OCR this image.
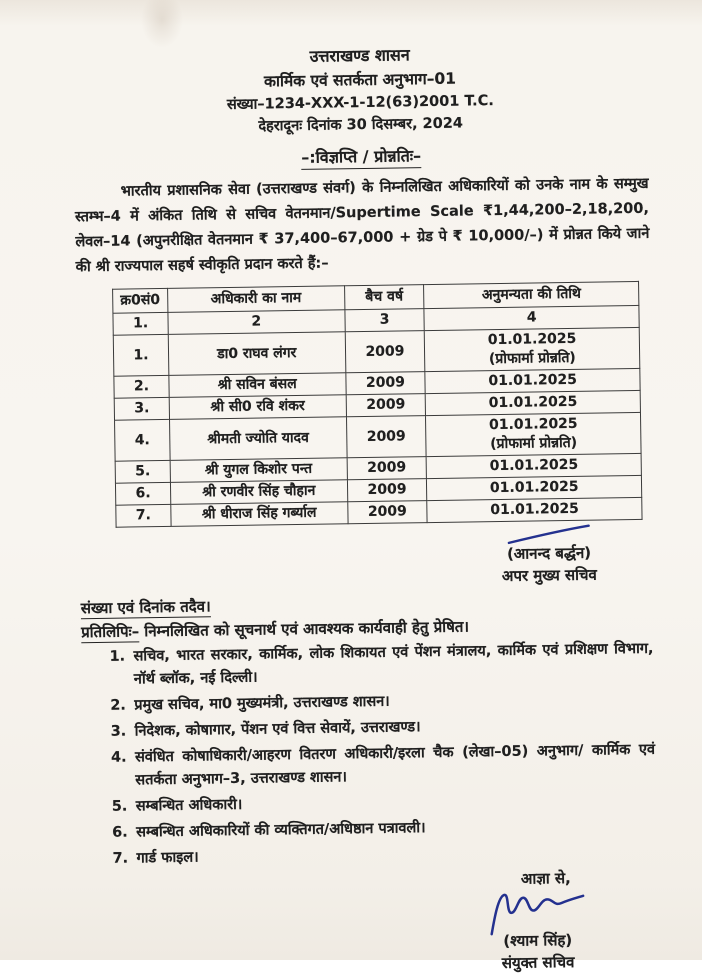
उत्तराखण्ड शासन
कार्मिक एवं सतर्कता अनुभाग–01
संख्या–1234-XXX-1-12(63)2001 T.C.
देहरादूनः दिनांक 30 दिसम्बर, 2024
–:विज्ञप्ति / प्रोन्नतिः–
भारतीय प्रशासनिक सेवा (उत्तराखण्ड संवर्ग) के निम्नलिखित अधिकारियों को उनके नाम के सम्मुख स्तम्भ–4 में अंकित तिथि से सचिव वेतनमान/Supertime Scale ₹1,44,200–2,18,200, लेवल–14 (अपुनरीक्षित वेतनमान ₹ 37,400–67,000 + ग्रेड पे ₹ 10,000/–) में प्रोन्नत किये जाने की श्री राज्यपाल सहर्ष स्वीकृति प्रदान करते हैं:–
क्र0सं0	अधिकारी का नाम	बैच वर्ष	अनुमन्यता की तिथि
1.	2	3	4
1.	डा0 राघव लंगर	2009	01.01.2025
(प्रोफार्मा प्रोन्नति)

2.	श्री सविन बंसल	2009	01.01.2025

3.	श्री सी0 रवि शंकर	2009	01.01.2025

4.	श्रीमती ज्योति यादव	2009	01.01.2025
(प्रोफार्मा प्रोन्नति)

5.	श्री युगल किशोर पन्त	2009	01.01.2025

6.	श्री रणवीर सिंह चौहान	2009	01.01.2025

7.	श्री धीराज सिंह गर्ब्याल	2009	01.01.2025
(आनन्द बर्द्धन)
अपर मुख्य सचिव
संख्या एवं दिनांक तदैव।
प्रतिलिपिः– निम्नलिखित को सूचनार्थ एवं आवश्यक कार्यवाही हेतु प्रेषित।
1. सचिव, भारत सरकार, कार्मिक, लोक शिकायत एवं पेंशन मंत्रालय, कार्मिक एवं प्रशिक्षण विभाग, नॉर्थ ब्लॉक, नई दिल्ली।
2. प्रमुख सचिव, मा0 मुख्यमंत्री, उत्तराखण्ड शासन।
3. निदेशक, कोषागार, पेंशन एवं वित्त सेवायें, उत्तराखण्ड।
4. संवंधित कोषाधिकारी/आहरण वितरण अधिकारी/इरला चैक (लेखा–05) अनुभाग/ कार्मिक एवं सतर्कता अनुभाग–3, उत्तराखण्ड शासन।
5. सम्बन्धित अधिकारी।
6. सम्बन्धित अधिकारियों की व्यक्तिगत/अधिष्ठान पत्रावली।
7. गार्ड फाइल।
आज्ञा से,
(श्याम सिंह)
संयुक्त सचिव
